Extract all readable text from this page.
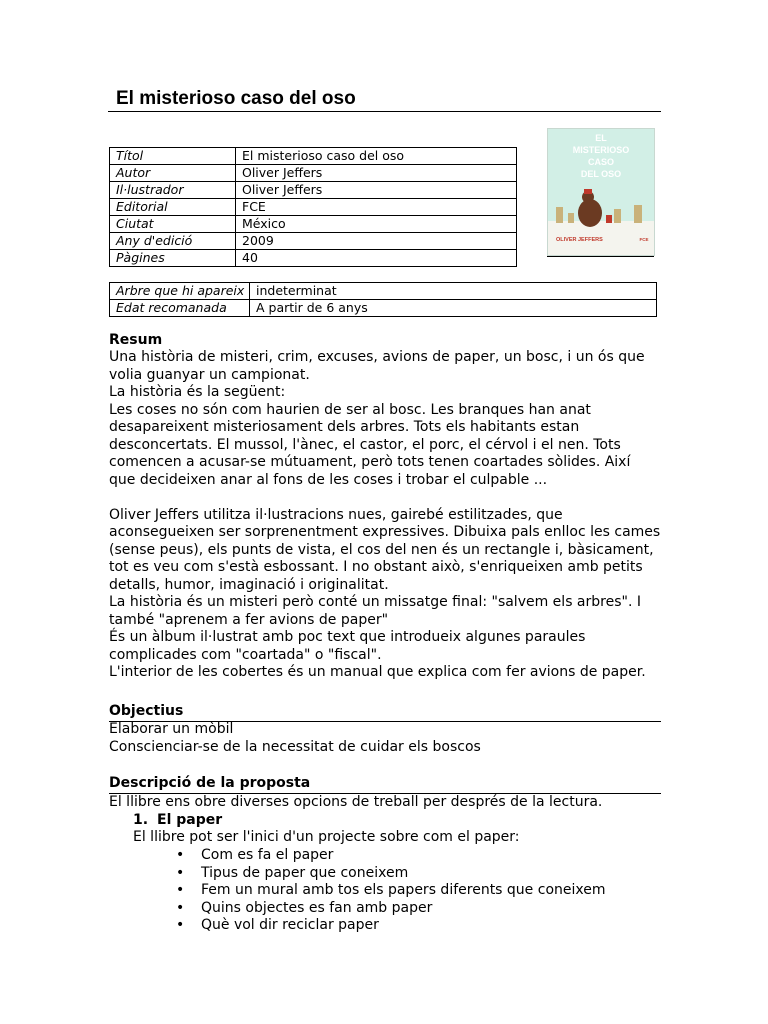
El misterioso caso del oso
Títol	El misterioso caso del oso
Autor	Oliver Jeffers
Il·lustrador	Oliver Jeffers
Editorial	FCE
Ciutat	México
Any d'edició	2009
Pàgines	40
EL
MISTERIOSO
CASO
DEL OSO
OLIVER JEFFERS	FCE
Arbre que hi apareix	indeterminat
Edat recomanada	A partir de 6 anys
Resum

Una història de misteri, crim, excuses, avions de paper, un bosc, i un ós que volia guanyar un campionat.

La història és la següent:

Les coses no són com haurien de ser al bosc. Les branques han anat desapareixent misteriosament dels arbres. Tots els habitants estan desconcertats. El mussol, l'ànec, el castor, el porc, el cérvol i el nen. Tots comencen a acusar-se mútuament, però tots tenen coartades sòlides. Així que decideixen anar al fons de les coses i trobar el culpable ...

Oliver Jeffers utilitza il·lustracions nues, gairebé estilitzades, que aconsegueixen ser sorprenentment expressives. Dibuixa pals enlloc les cames (sense peus), els punts de vista, el cos del nen és un rectangle i, bàsicament, tot es veu com s'està esbossant. I no obstant això, s'enriqueixen amb petits detalls, humor, imaginació i originalitat.

La història és un misteri però conté un missatge final: "salvem els arbres". I també "aprenem a fer avions de paper"

És un àlbum il·lustrat amb poc text que introdueix algunes paraules complicades com "coartada" o "fiscal".

L'interior de les cobertes és un manual que explica com fer avions de paper.

Objectius

Elaborar un mòbil

Conscienciar-se de la necessitat de cuidar els boscos

Descripció de la proposta
El llibre ens obre diverses opcions de treball per després de la lectura.
1. El paper
El llibre pot ser l'inici d'un projecte sobre com el paper:
• Com es fa el paper
• Tipus de paper que coneixem
• Fem un mural amb tos els papers diferents que coneixem
• Quins objectes es fan amb paper
• Què vol dir reciclar paper
